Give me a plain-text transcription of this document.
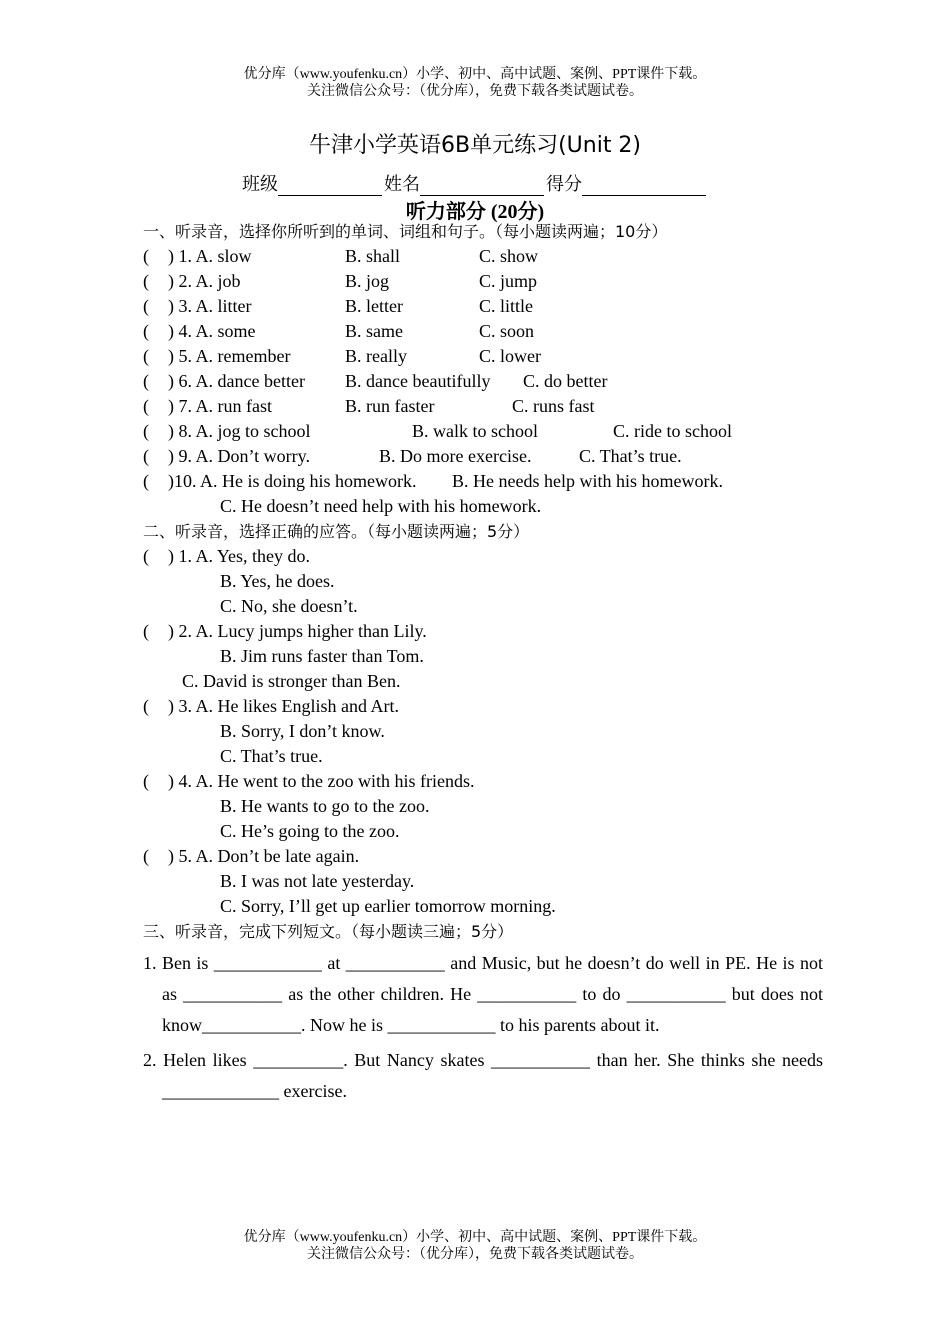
优分库（www.youfenku.cn）小学、初中、高中试题、案例、PPT课件下载。
关注微信公众号：（优分库），免费下载各类试题试卷。
牛津小学英语6B单元练习(Unit 2)
班级	姓名	得分
听力部分 (20分)
一、听录音，选择你所听到的单词、词组和句子。（每小题读两遍；10分）
( ) 1. A. slow	B. shall	C. show
( ) 2. A. job	B. jog	C. jump
( ) 3. A. litter	B. letter	C. little
( ) 4. A. some	B. same	C. soon
( ) 5. A. remember	B. really	C. lower
( ) 6. A. dance better B. dance beautifully C. do better
( ) 7. A. run fast	B. run faster	C. runs fast
( ) 8. A. jog to school	B. walk to school	C. ride to school
( ) 9. A. Don’t worry.	B. Do more exercise.	C. That’s true.
( )10. A. He is doing his homework. B. He needs help with his homework.
C. He doesn’t need help with his homework.
二、听录音，选择正确的应答。（每小题读两遍；5分）
( ) 1. A. Yes, they do.
B. Yes, he does.
C. No, she doesn’t.
( ) 2. A. Lucy jumps higher than Lily.
B. Jim runs faster than Tom.
C. David is stronger than Ben.
( ) 3. A. He likes English and Art.
B. Sorry, I don’t know.
C. That’s true.
( ) 4. A. He went to the zoo with his friends.
B. He wants to go to the zoo.
C. He’s going to the zoo.
( ) 5. A. Don’t be late again.
B. I was not late yesterday.
C. Sorry, I’ll get up earlier tomorrow morning.
三、听录音，完成下列短文。（每小题读三遍；5分）
1. Ben is ____________ at ___________ and Music, but he doesn’t do well in PE. He is not as ___________ as the other children. He ___________ to do ___________ but does not know___________. Now he is ____________ to his parents about it.
2. Helen likes __________. But Nancy skates ___________ than her. She thinks she needs _____________ exercise.
优分库（www.youfenku.cn）小学、初中、高中试题、案例、PPT课件下载。
关注微信公众号：（优分库），免费下载各类试题试卷。
